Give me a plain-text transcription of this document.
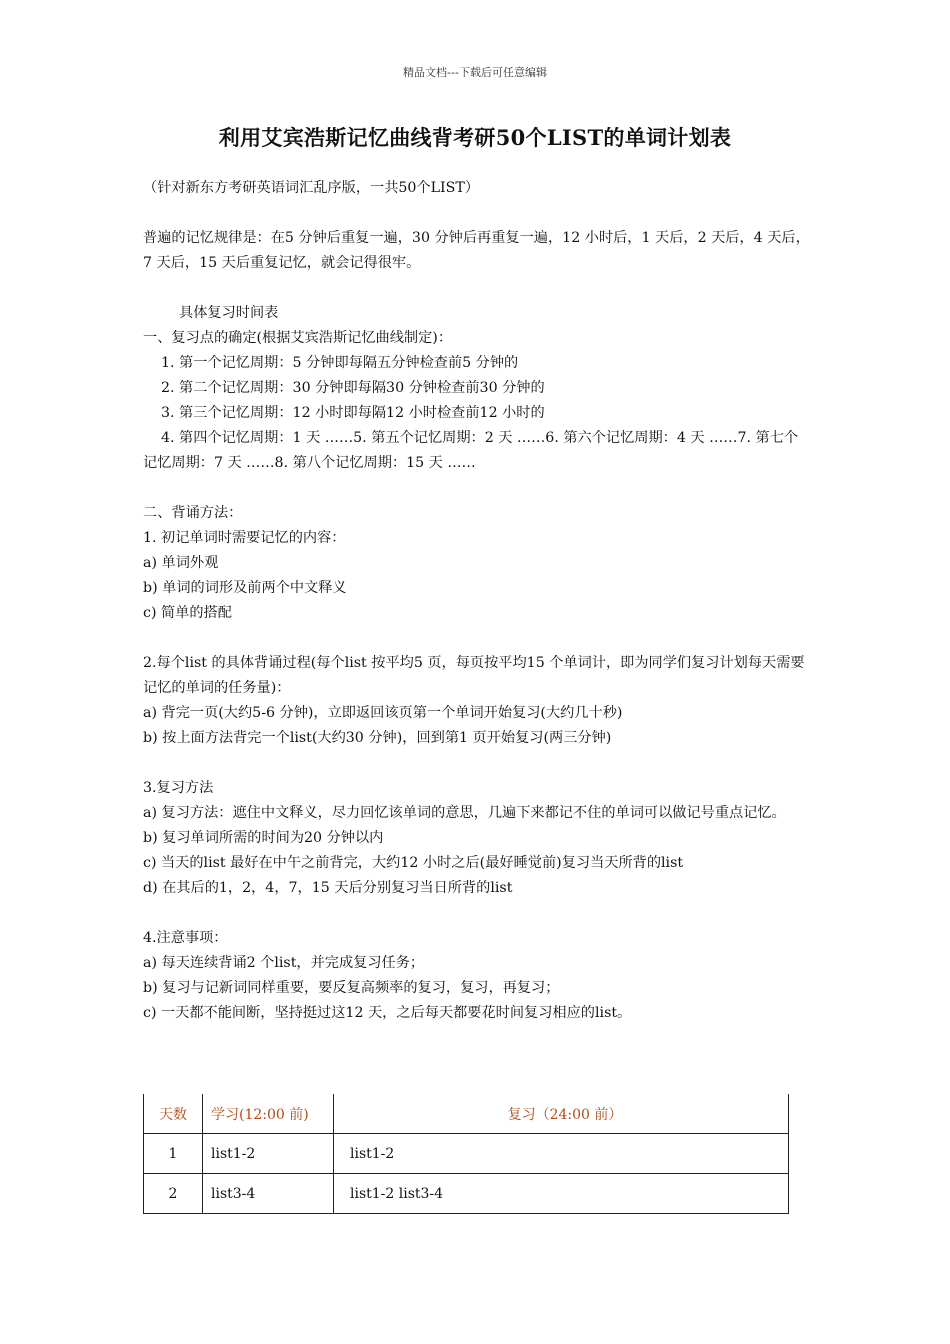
精品文档---下载后可任意编辑
利用艾宾浩斯记忆曲线背考研50个LIST的单词计划表

（针对新东方考研英语词汇乱序版，一共50个LIST）

普遍的记忆规律是：在5 分钟后重复一遍，30 分钟后再重复一遍，12 小时后，1 天后，2 天后，4 天后，7 天后，15 天后重复记忆，就会记得很牢。

具体复习时间表

一、复习点的确定(根据艾宾浩斯记忆曲线制定)：

1. 第一个记忆周期：5 分钟即每隔五分钟检查前5 分钟的

2. 第二个记忆周期：30 分钟即每隔30 分钟检查前30 分钟的

3. 第三个记忆周期：12 小时即每隔12 小时检查前12 小时的

4. 第四个记忆周期：1 天 ……5. 第五个记忆周期：2 天 ……6. 第六个记忆周期：4 天 ……7. 第七个记忆周期：7 天 ……8. 第八个记忆周期：15 天 ……

二、背诵方法：

1. 初记单词时需要记忆的内容：

a) 单词外观

b) 单词的词形及前两个中文释义

c) 简单的搭配

2.每个list 的具体背诵过程(每个list 按平均5 页，每页按平均15 个单词计，即为同学们复习计划每天需要记忆的单词的任务量)：

a) 背完一页(大约5-6 分钟)，立即返回该页第一个单词开始复习(大约几十秒)

b) 按上面方法背完一个list(大约30 分钟)，回到第1 页开始复习(两三分钟)

3.复习方法

a) 复习方法：遮住中文释义，尽力回忆该单词的意思，几遍下来都记不住的单词可以做记号重点记忆。

b) 复习单词所需的时间为20 分钟以内

c) 当天的list 最好在中午之前背完，大约12 小时之后(最好睡觉前)复习当天所背的list

d) 在其后的1，2，4，7，15 天后分别复习当日所背的list

4.注意事项：

a) 每天连续背诵2 个list，并完成复习任务；

b) 复习与记新词同样重要，要反复高频率的复习，复习，再复习；

c) 一天都不能间断，坚持挺过这12 天，之后每天都要花时间复习相应的list。

天数	学习(12:00 前)	复习（24:00 前）
1	list1-2	list1-2
2	list3-4	list1-2 list3-4
